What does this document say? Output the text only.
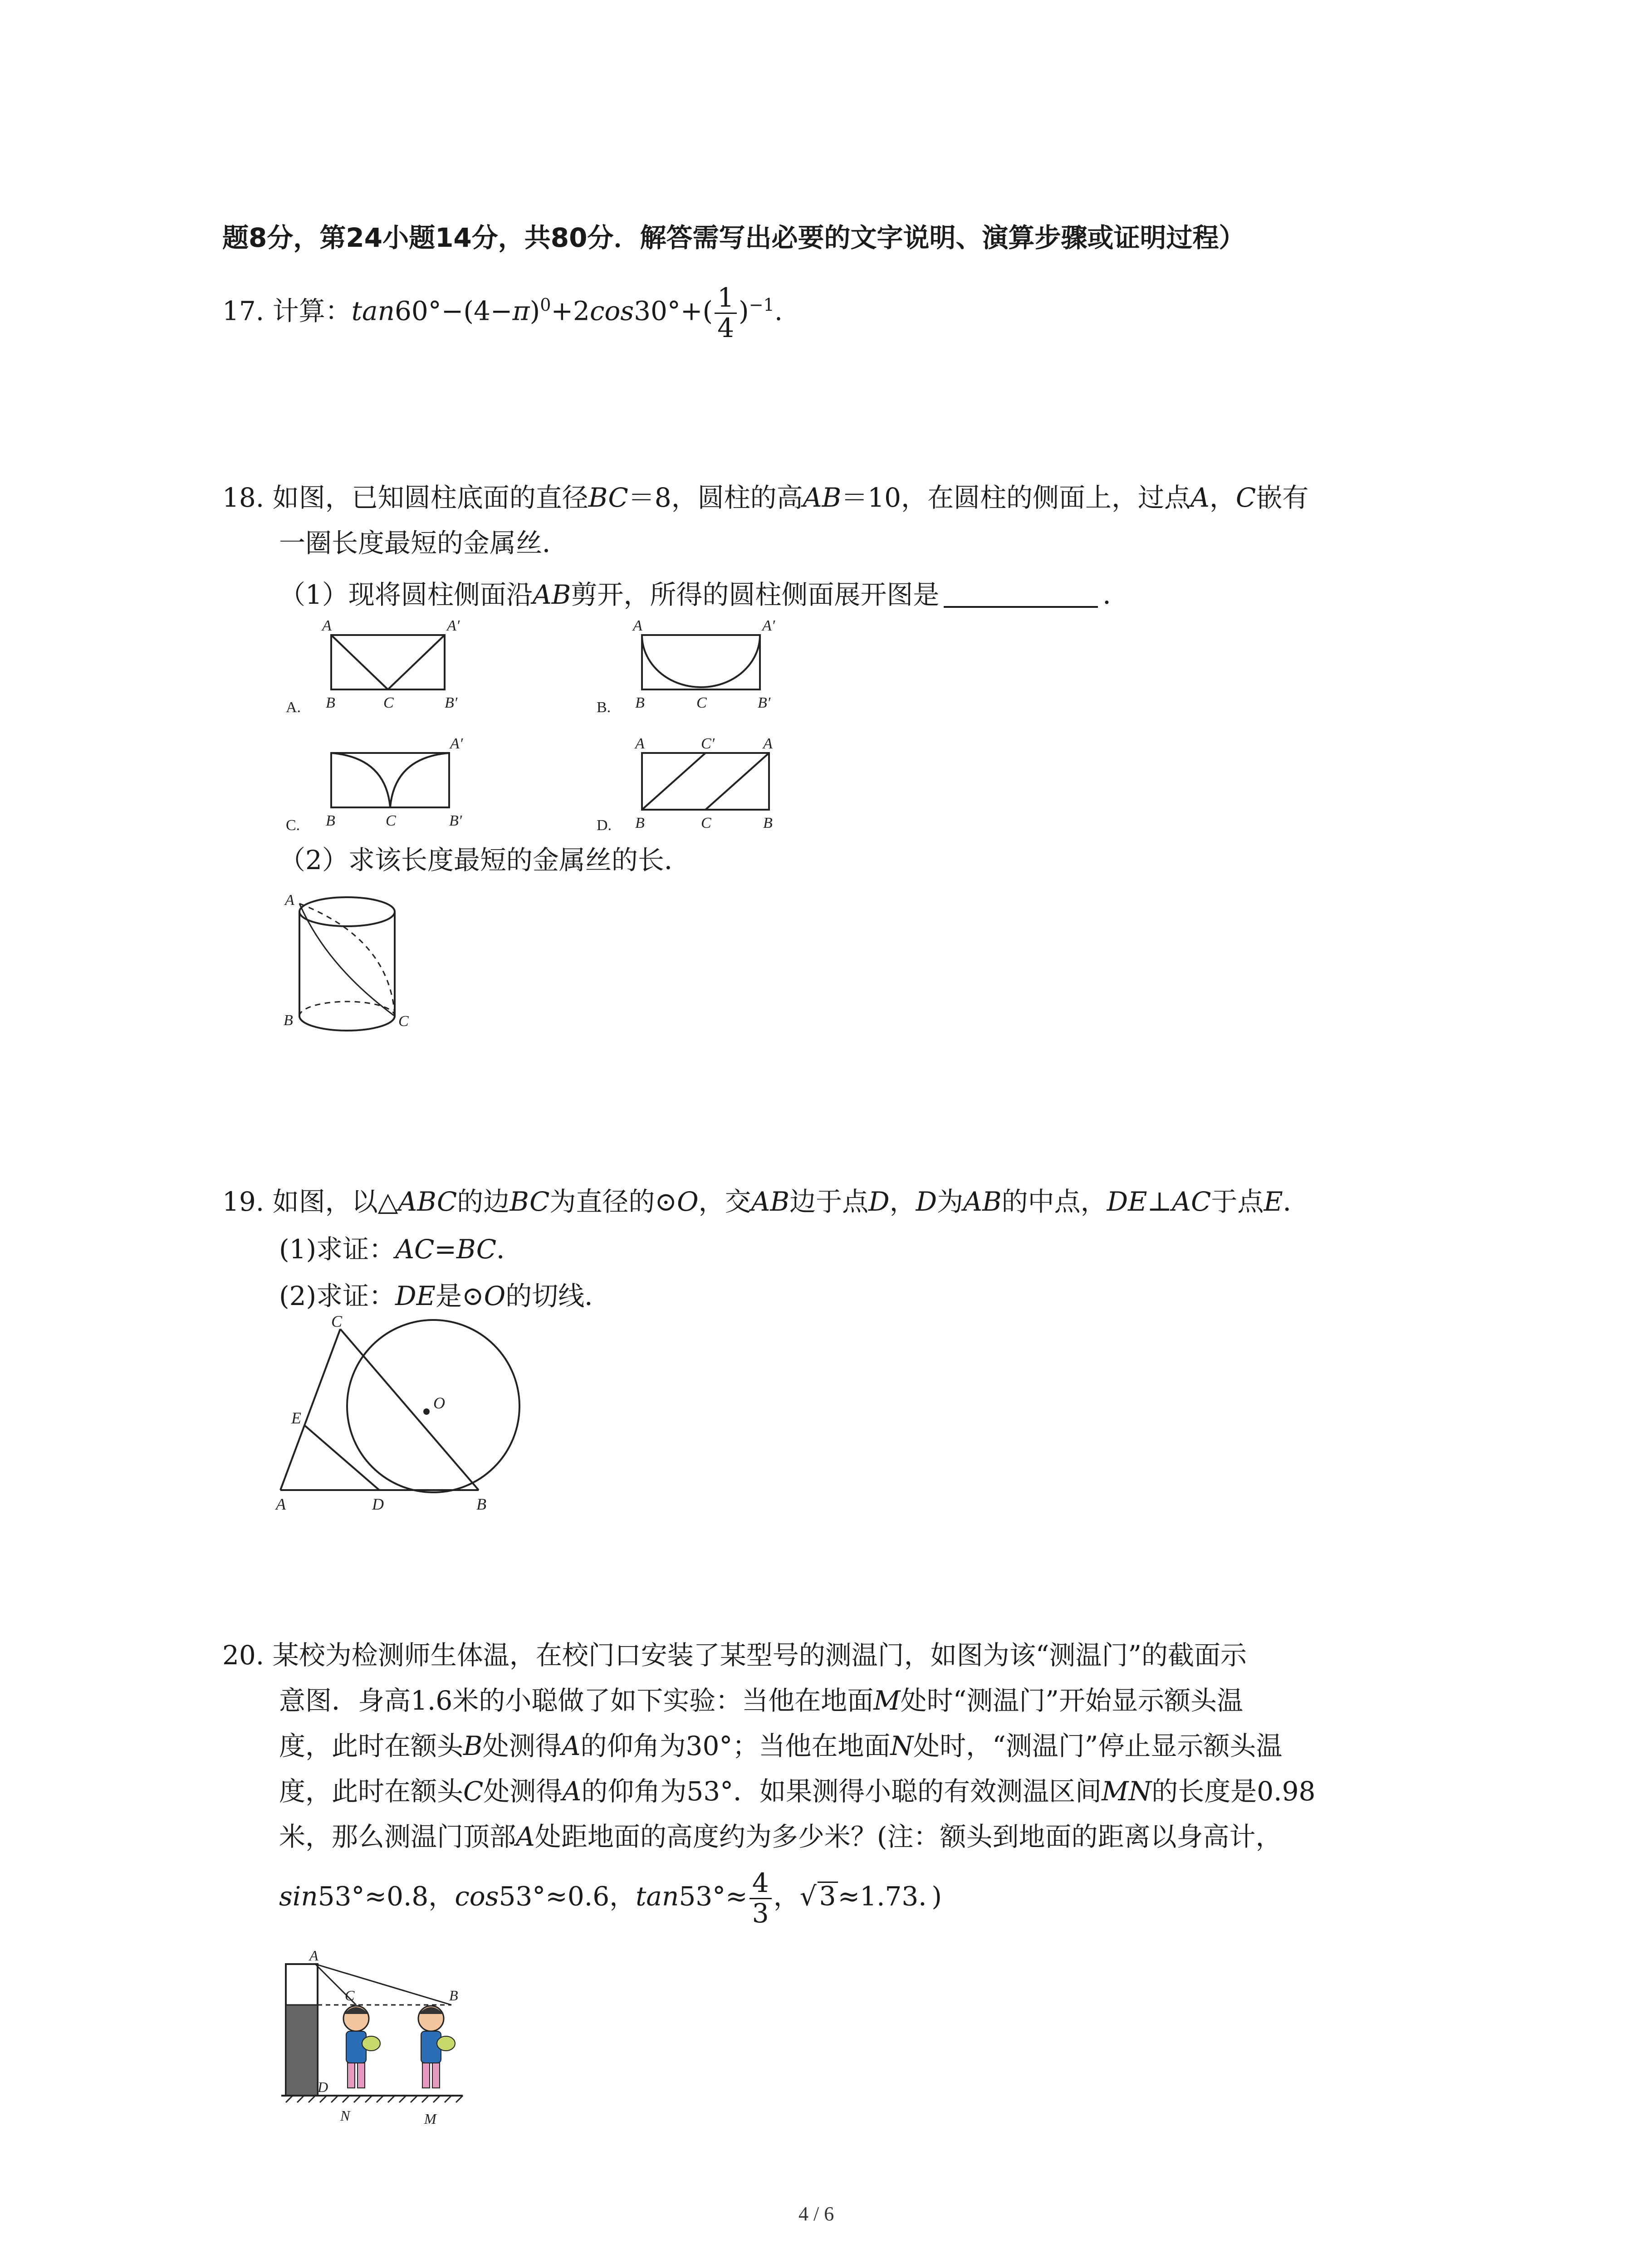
题8分，第24小题14分，共80分．解答需写出必要的文字说明、演算步骤或证明过程）
17. 计算：$\tan 60^\circ-(4-\pi)^0+2\cos 30^\circ+( \frac{1}{4} )^{-1}$.
18. 如图，已知圆柱底面的直径BC＝8，圆柱的高AB＝10，在圆柱的侧面上，过点A，C嵌有
一圈长度最短的金属丝．
（1）现将圆柱侧面沿AB剪开，所得的圆柱侧面展开图是	．
A	A′
B	C	B′
A.
A	A′
B	C	B′
B.
A′
B	C	B′
C.
A	C′	A
B	C	B
D.
（2）求该长度最短的金属丝的长．
A
B	C
19. 如图，以△ABC的边BC为直径的⊙O，交AB边于点D，D为AB的中点，DE⊥AC于点E．
(1)求证：AC=BC．
(2)求证：DE是⊙O的切线．
C
O
E
A	D	B
20. 某校为检测师生体温，在校门口安装了某型号的测温门，如图为该“测温门”的截面示
意图．身高1.6米的小聪做了如下实验：当他在地面M处时“测温门”开始显示额头温
度，此时在额头B处测得A的仰角为30°；当他在地面N处时，“测温门”停止显示额头温
度，此时在额头C处测得A的仰角为53°．如果测得小聪的有效测温区间MN的长度是0.98
米，那么测温门顶部A处距地面的高度约为多少米？(注：额头到地面的距离以身高计，
sin53°≈0.8，cos53°≈0.6，$\tan 53^\circ\approx \frac{4}{3}$ ，√ 3≈1.73．)
A
C	B
D
N	M
4 / 6
